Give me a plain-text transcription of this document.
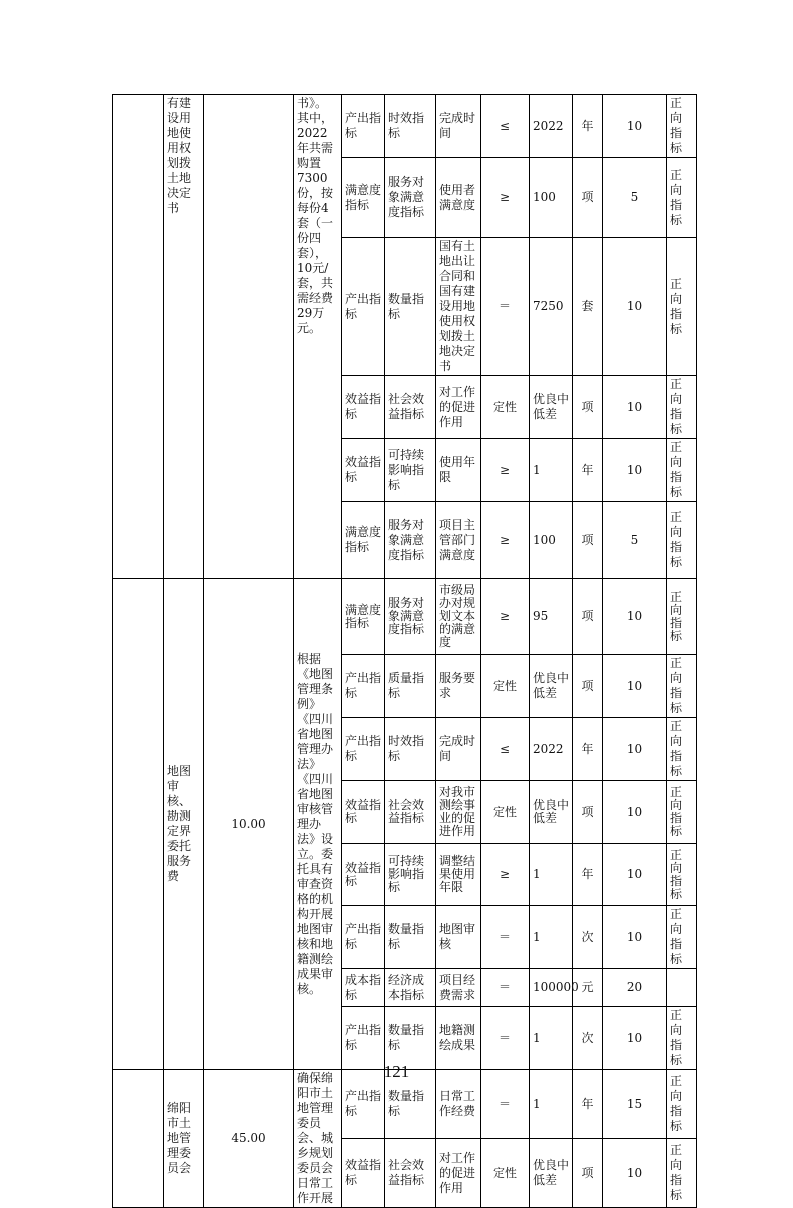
	有建设用地使用权划拨土地决定书		书》。其中，2022年共需购置7300份，按每份4套（一份四套），10元/套，共需经费29万元。	产出指标	时效指标	完成时间	≤	2022	年	10	正向指标
				满意度指标	服务对象满意度指标	使用者满意度	≥	100	项	5	正向指标
				产出指标	数量指标	国有土地出让合同和国有建设用地使用权划拨土地决定书	＝	7250	套	10	正向指标
				效益指标	社会效益指标	对工作的促进作用	定性	优良中低差	项	10	正向指标
				效益指标	可持续影响指标	使用年限	≥	1	年	10	正向指标
				满意度指标	服务对象满意度指标	项目主管部门满意度	≥	100	项	5	正向指标
	地图审核、勘测定界委托服务费	10.00	根据《地图管理条例》《四川省地图管理办法》《四川省地图审核管理办法》设立。委托具有审查资格的机构开展地图审核和地籍测绘成果审核。	满意度指标	服务对象满意度指标	市级局办对规划文本的满意度	≥	95	项	10	正向指标
				产出指标	质量指标	服务要求	定性	优良中低差	项	10	正向指标
				产出指标	时效指标	完成时间	≤	2022	年	10	正向指标
				效益指标	社会效益指标	对我市测绘事业的促进作用	定性	优良中低差	项	10	正向指标
				效益指标	可持续影响指标	调整结果使用年限	≥	1	年	10	正向指标
				产出指标	数量指标	地图审核	＝	1	次	10	正向指标
				成本指标	经济成本指标	项目经费需求	＝	100000	元	20	
				产出指标	数量指标	地籍测绘成果	＝	1	次	10	正向指标
	绵阳市土地管理委员会	45.00	确保绵阳市土地管理委员会、城乡规划委员会日常工作开展	产出指标	数量指标	日常工作经费	＝	1	年	15	正向指标
				效益指标	社会效益指标	对工作的促进作用	定性	优良中低差	项	10	正向指标
121
